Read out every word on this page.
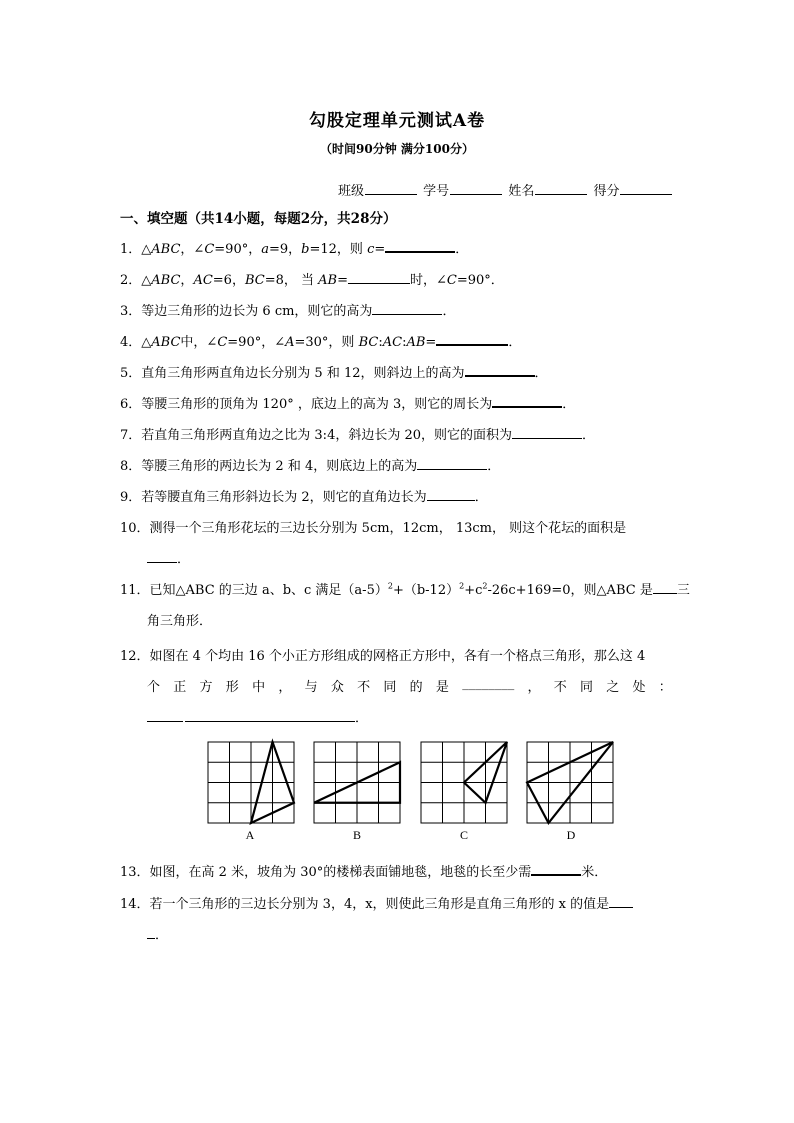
勾股定理单元测试A卷
（时间90分钟 满分100分）
班级	学号	姓名	得分
一、填空题（共14小题，每题2分，共28分）
1．△ABC，∠C=90°，a=9，b=12，则 c=	．
2．△ABC，AC=6，BC=8， 当 AB=	时，∠C=90°．
3．等边三角形的边长为 6 cm，则它的高为	．
4．△ABC中，∠C=90°，∠A=30°，则 BC:AC:AB=	．
5．直角三角形两直角边长分别为 5 和 12，则斜边上的高为	．
6．等腰三角形的顶角为 120° ，底边上的高为 3，则它的周长为	．
7．若直角三角形两直角边之比为 3:4，斜边长为 20，则它的面积为	．
8．等腰三角形的两边长为 2 和 4，则底边上的高为	．
9．若等腰直角三角形斜边长为 2，则它的直角边长为	．
10．测得一个三角形花坛的三边长分别为 5cm，12cm， 13cm， 则这个花坛的面积是
．
11．已知△ABC 的三边 a、b、c 满足$(a-5)^2+(b-12)^2+c^2-26c+169=0$，则△ABC 是 三
角三角形．
12．如图在 4 个均由 16 个小正方形组成的网格正方形中，各有一个格点三角形，那么这 4
个 正 方 形 中 ， 与 众 不 同 的 是 ________ ， 不 同 之 处 ：
．
A	B	C	D
13．如图，在高 2 米，坡角为 30°的楼梯表面铺地毯，地毯的长至少需	米．
14．若一个三角形的三边长分别为 3，4，x，则使此三角形是直角三角形的 x 的值是
．
